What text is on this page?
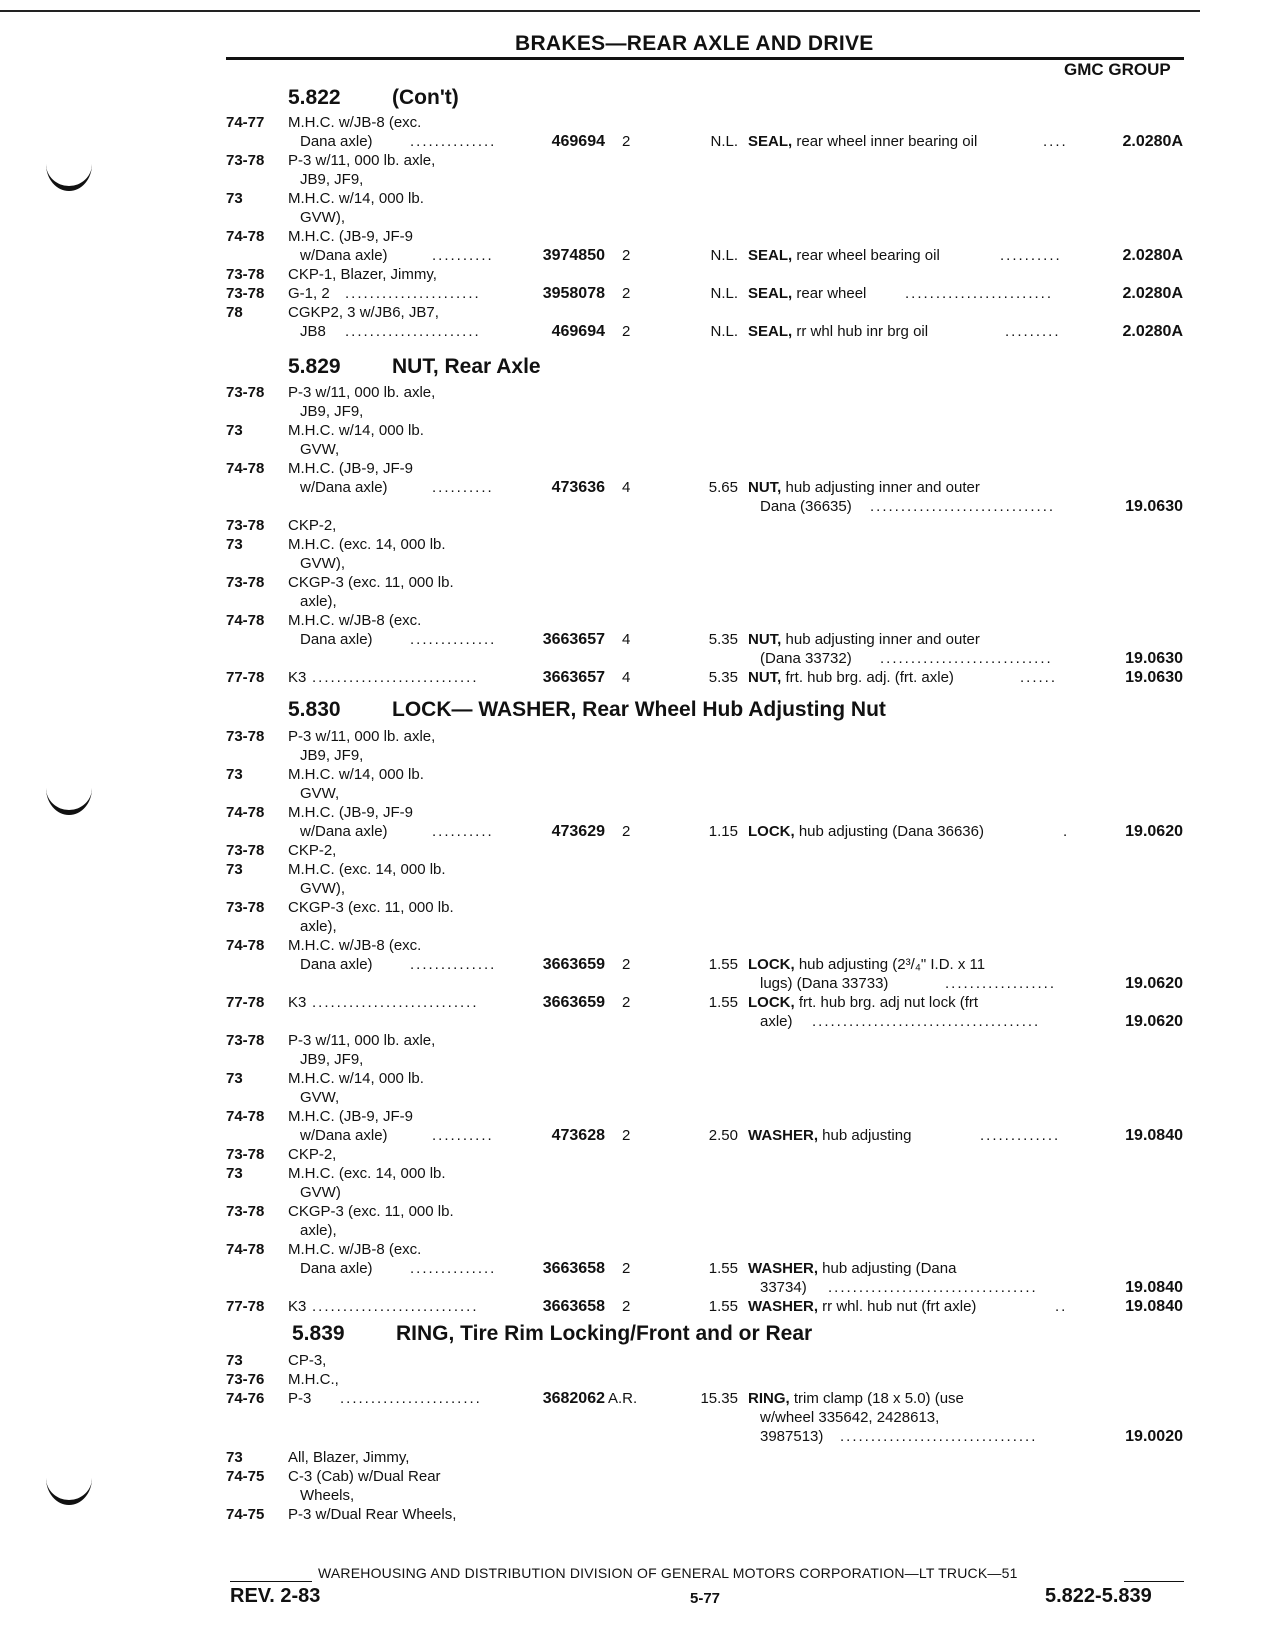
BRAKES—REAR AXLE AND DRIVE
GMC GROUP
5.822 (Con't)
5.829 NUT, Rear Axle
5.830 LOCK— WASHER, Rear Wheel Hub Adjusting Nut
5.839 RING, Tire Rim Locking/Front and or Rear
74-77	M.H.C. w/JB-8 (exc.
Dana axle) ..............	469694 2	N.L. SEAL, rear wheel inner bearing oil	....	2.0280A
73-78	P-3 w/11, 000 lb. axle,
JB9, JF9,
73	M.H.C. w/14, 000 lb.
GVW),
74-78	M.H.C. (JB-9, JF-9
w/Dana axle)	..........	3974850 2	N.L. SEAL, rear wheel bearing oil	..........	2.0280A
73-78	CKP-1, Blazer, Jimmy,
73-78	G-1, 2 ......................	3958078 2	N.L. SEAL, rear wheel	........................	2.0280A
78	CGKP2, 3 w/JB6, JB7,
JB8 ......................	469694 2	N.L. SEAL, rr whl hub inr brg oil	.........	2.0280A
73-78	P-3 w/11, 000 lb. axle,
JB9, JF9,
73	M.H.C. w/14, 000 lb.
GVW,
74-78	M.H.C. (JB-9, JF-9
w/Dana axle)	..........	473636 4	5.65 NUT, hub adjusting inner and outer
Dana (36635) ..............................	19.0630
73-78	CKP-2,
73	M.H.C. (exc. 14, 000 lb.
GVW),
73-78	CKGP-3 (exc. 11, 000 lb.
axle),
74-78	M.H.C. w/JB-8 (exc.
Dana axle) ..............	3663657 4	5.35 NUT, hub adjusting inner and outer
(Dana 33732) ............................	19.0630
77-78	K3 ...........................	3663657 4	5.35 NUT, frt. hub brg. adj. (frt. axle)	......	19.0630
73-78	P-3 w/11, 000 lb. axle,
JB9, JF9,
73	M.H.C. w/14, 000 lb.
GVW,
74-78	M.H.C. (JB-9, JF-9
w/Dana axle)	..........	473629 2	1.15 LOCK, hub adjusting (Dana 36636)	.	19.0620
73-78	CKP-2,
73	M.H.C. (exc. 14, 000 lb.
GVW),
73-78	CKGP-3 (exc. 11, 000 lb.
axle),
74-78	M.H.C. w/JB-8 (exc.
Dana axle) ..............	3663659 2	1.55 LOCK, hub adjusting (2³/₄" I.D. x 11
lugs) (Dana 33733)	..................	19.0620
77-78	K3 ...........................	3663659 2	1.55 LOCK, frt. hub brg. adj nut lock (frt
axle) .....................................	19.0620
73-78	P-3 w/11, 000 lb. axle,
JB9, JF9,
73	M.H.C. w/14, 000 lb.
GVW,
74-78	M.H.C. (JB-9, JF-9
w/Dana axle)	..........	473628 2	2.50 WASHER, hub adjusting	.............	19.0840
73-78	CKP-2,
73	M.H.C. (exc. 14, 000 lb.
GVW)
73-78	CKGP-3 (exc. 11, 000 lb.
axle),
74-78	M.H.C. w/JB-8 (exc.
Dana axle) ..............	3663658 2	1.55 WASHER, hub adjusting (Dana
33734) ..................................	19.0840
77-78	K3 ...........................	3663658 2	1.55 WASHER, rr whl. hub nut (frt axle)	..	19.0840
73	CP-3,
73-76	M.H.C.,
74-76	P-3 .......................	3682062 A.R.	15.35 RING, trim clamp (18 x 5.0) (use
w/wheel 335642, 2428613,
3987513) ................................	19.0020
73	All, Blazer, Jimmy,
74-75	C-3 (Cab) w/Dual Rear
Wheels,
74-75	P-3 w/Dual Rear Wheels,
WAREHOUSING AND DISTRIBUTION DIVISION OF GENERAL MOTORS CORPORATION—LT TRUCK—51
REV. 2-83	5-77	5.822-5.839
